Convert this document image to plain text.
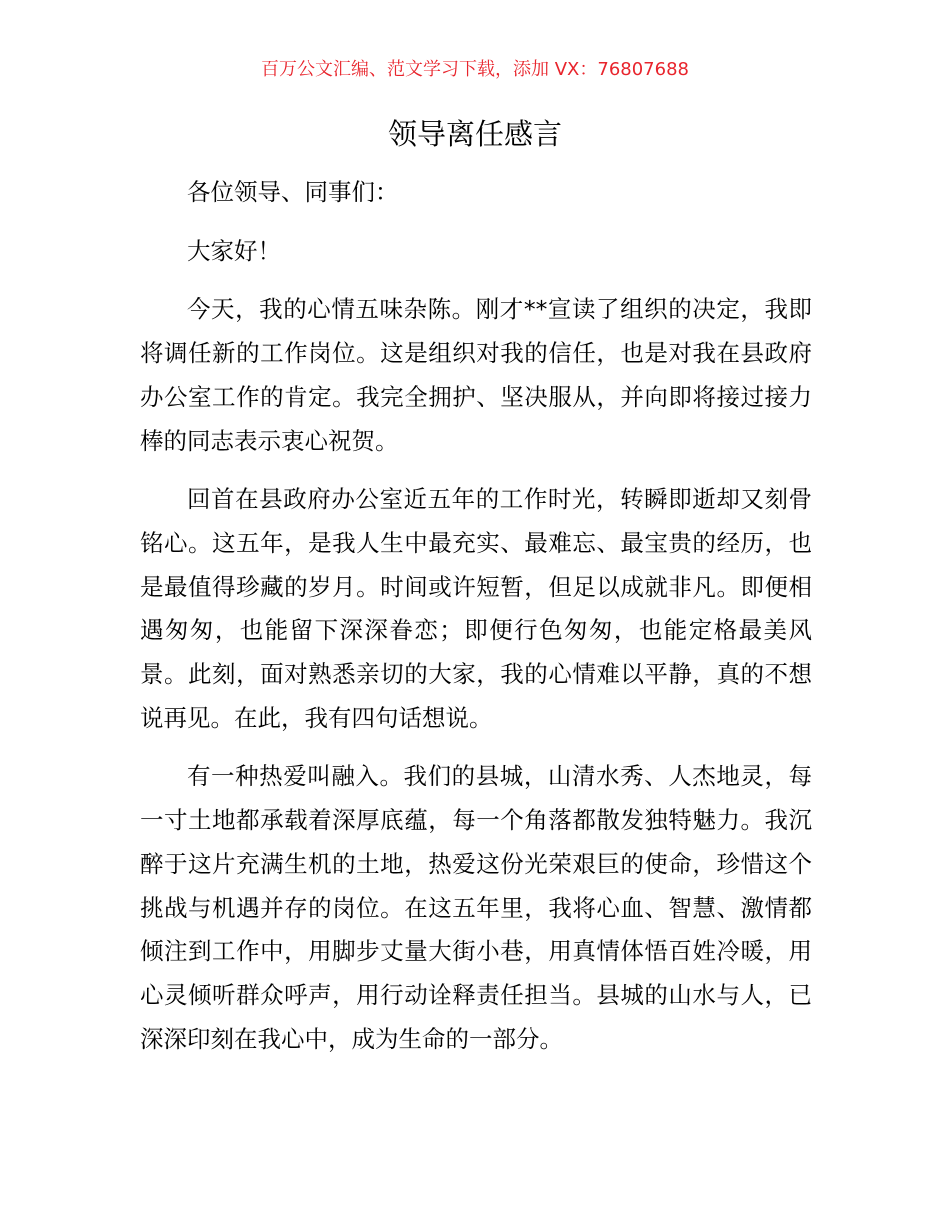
百万公文汇编、范文学习下载，添加 VX：76807688
领导离任感言

各位领导、同事们：

大家好！

今天，我的心情五味杂陈。刚才**宣读了组织的决定，我即将调任新的工作岗位。这是组织对我的信任，也是对我在县政府办公室工作的肯定。我完全拥护、坚决服从，并向即将接过接力棒的同志表示衷心祝贺。

回首在县政府办公室近五年的工作时光，转瞬即逝却又刻骨铭心。这五年，是我人生中最充实、最难忘、最宝贵的经历，也是最值得珍藏的岁月。时间或许短暂，但足以成就非凡。即便相遇匆匆，也能留下深深眷恋；即便行色匆匆，也能定格最美风景。此刻，面对熟悉亲切的大家，我的心情难以平静，真的不想说再见。在此，我有四句话想说。

有一种热爱叫融入。我们的县城，山清水秀、人杰地灵，每一寸土地都承载着深厚底蕴，每一个角落都散发独特魅力。我沉醉于这片充满生机的土地，热爱这份光荣艰巨的使命，珍惜这个挑战与机遇并存的岗位。在这五年里，我将心血、智慧、激情都倾注到工作中，用脚步丈量大街小巷，用真情体悟百姓冷暖，用心灵倾听群众呼声，用行动诠释责任担当。县城的山水与人，已深深印刻在我心中，成为生命的一部分。
